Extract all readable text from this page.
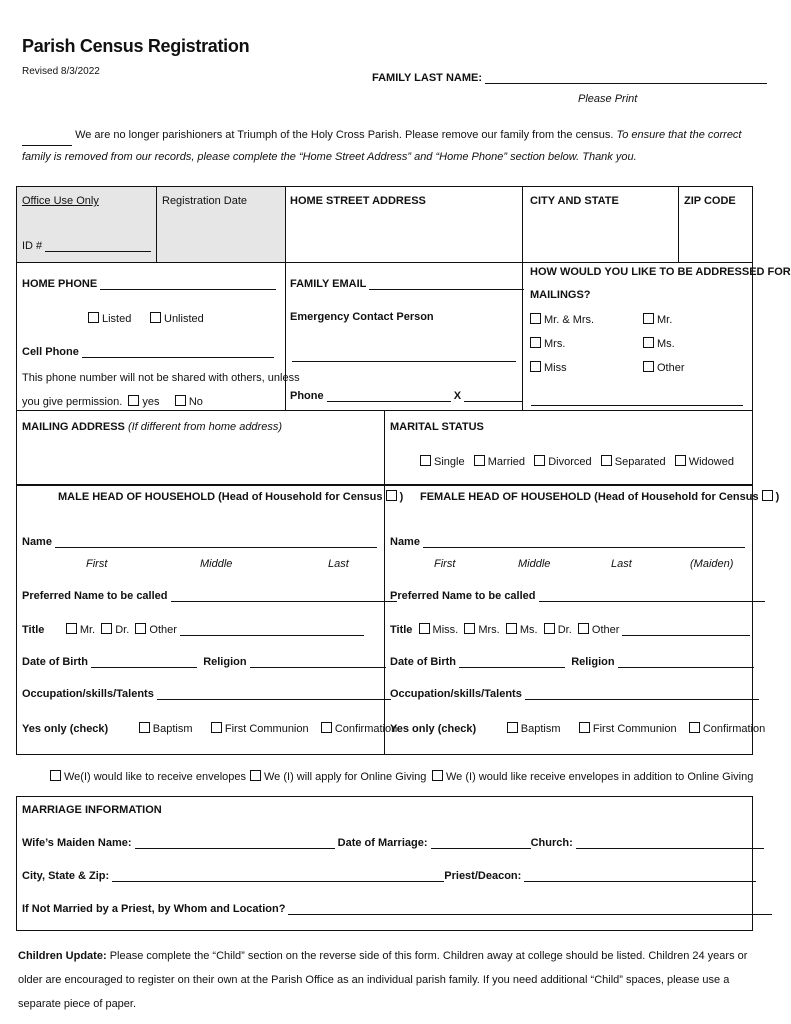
Parish Census Registration
Revised 8/3/2022
FAMILY LAST NAME:
Please Print
We are no longer parishioners at Triumph of the Holy Cross Parish. Please remove our family from the census. To ensure that the correct family is removed from our records, please complete the “Home Street Address” and “Home Phone” section below. Thank you.
Office Use Only
ID #
Registration Date	HOME STREET ADDRESS	CITY AND STATE	ZIP CODE
HOME PHONE
Listed	Unlisted
Cell Phone
This phone number will not be shared with others, unless
you give permission. yes	No
FAMILY EMAIL
Emergency Contact Person
Phone	X
HOW WOULD YOU LIKE TO BE ADDRESSED FOR
MAILINGS?
Mr. & Mrs.	Mr.
Mrs.	Ms.
Miss	Other
MAILING ADDRESS (If different from home address)	MARITAL STATUS
Single Married Divorced Separated Widowed
MALE HEAD OF HOUSEHOLD (Head of Household for Census ) FEMALE HEAD OF HOUSEHOLD (Head of Household for Census )
Name
First	Middle	Last
Preferred Name to be called
Title	Mr. Dr. Other
Date of Birth	Religion
Occupation/skills/Talents
Yes only (check)	Baptism	First Communion Confirmation
Name
First	Middle	Last	(Maiden)
Preferred Name to be called
Title Miss. Mrs. Ms. Dr. Other
Date of Birth	Religion
Occupation/skills/Talents
Yes only (check)	Baptism	First Communion Confirmation
We(I) would like to receive envelopes	We (I) will apply for Online Giving	We (I) would like receive envelopes in addition to Online Giving
MARRIAGE INFORMATION
Wife’s Maiden Name:	Date of Marriage:	Church:
City, State & Zip:	Priest/Deacon:
If Not Married by a Priest, by Whom and Location?
Children Update: Please complete the “Child” section on the reverse side of this form. Children away at college should be listed. Children 24 years or older are encouraged to register on their own at the Parish Office as an individual parish family. If you need additional “Child” spaces, please use a separate piece of paper.
